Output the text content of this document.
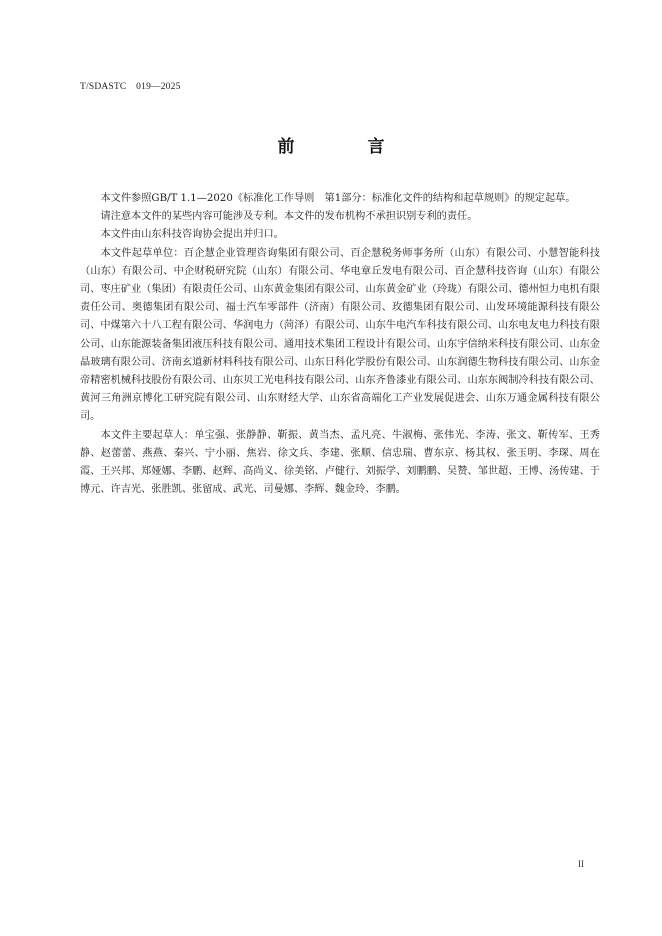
T/SDASTC　019—2025
前　言

本文件参照GB/T 1.1—2020《标准化工作导则　第1部分：标准化文件的结构和起草规则》的规定起草。

请注意本文件的某些内容可能涉及专利。本文件的发布机构不承担识别专利的责任。

本文件由山东科技咨询协会提出并归口。

本文件起草单位：百企慧企业管理咨询集团有限公司、百企慧税务师事务所（山东）有限公司、小慧智能科技（山东）有限公司、中企财税研究院（山东）有限公司、华电章丘发电有限公司、百企慧科技咨询（山东）有限公司、枣庄矿业（集团）有限责任公司、山东黄金集团有限公司、山东黄金矿业（玲珑）有限公司、德州恒力电机有限责任公司、奥德集团有限公司、福士汽车零部件（济南）有限公司、玫德集团有限公司、山发环境能源科技有限公司、中煤第六十八工程有限公司、华润电力（菏泽）有限公司、山东牛电汽车科技有限公司、山东电友电力科技有限公司、山东能源装备集团液压科技有限公司、通用技术集团工程设计有限公司、山东宇信纳米科技有限公司、山东金晶玻璃有限公司、济南玄道新材料科技有限公司、山东日科化学股份有限公司、山东润德生物科技有限公司、山东金帝精密机械科技股份有限公司、山东贝工光电科技有限公司、山东齐鲁漆业有限公司、山东东阀制冷科技有限公司、黄河三角洲京博化工研究院有限公司、山东财经大学、山东省高端化工产业发展促进会、山东万通金属科技有限公司。

本文件主要起草人：单宝强、张静静、靳振、黄当杰、孟凡亮、牛淑梅、张伟光、李涛、张文、靳传军、王秀静、赵蕾蕾、燕燕、秦兴、宁小丽、焦岩、徐文兵、李建、张顺、信忠瑞、曹东京、杨其权、张玉明、李琛、周在霞、王兴邦、郑娅娜、李鹏、赵辉、高尚义、徐美铭、卢健行、刘振学、刘鹏鹏、吴赞、邹世超、王博、汤传建、于博元、许吉光、张胜凯、张留成、武光、司曼娜、李辉、魏金玲、李鹏。

II
